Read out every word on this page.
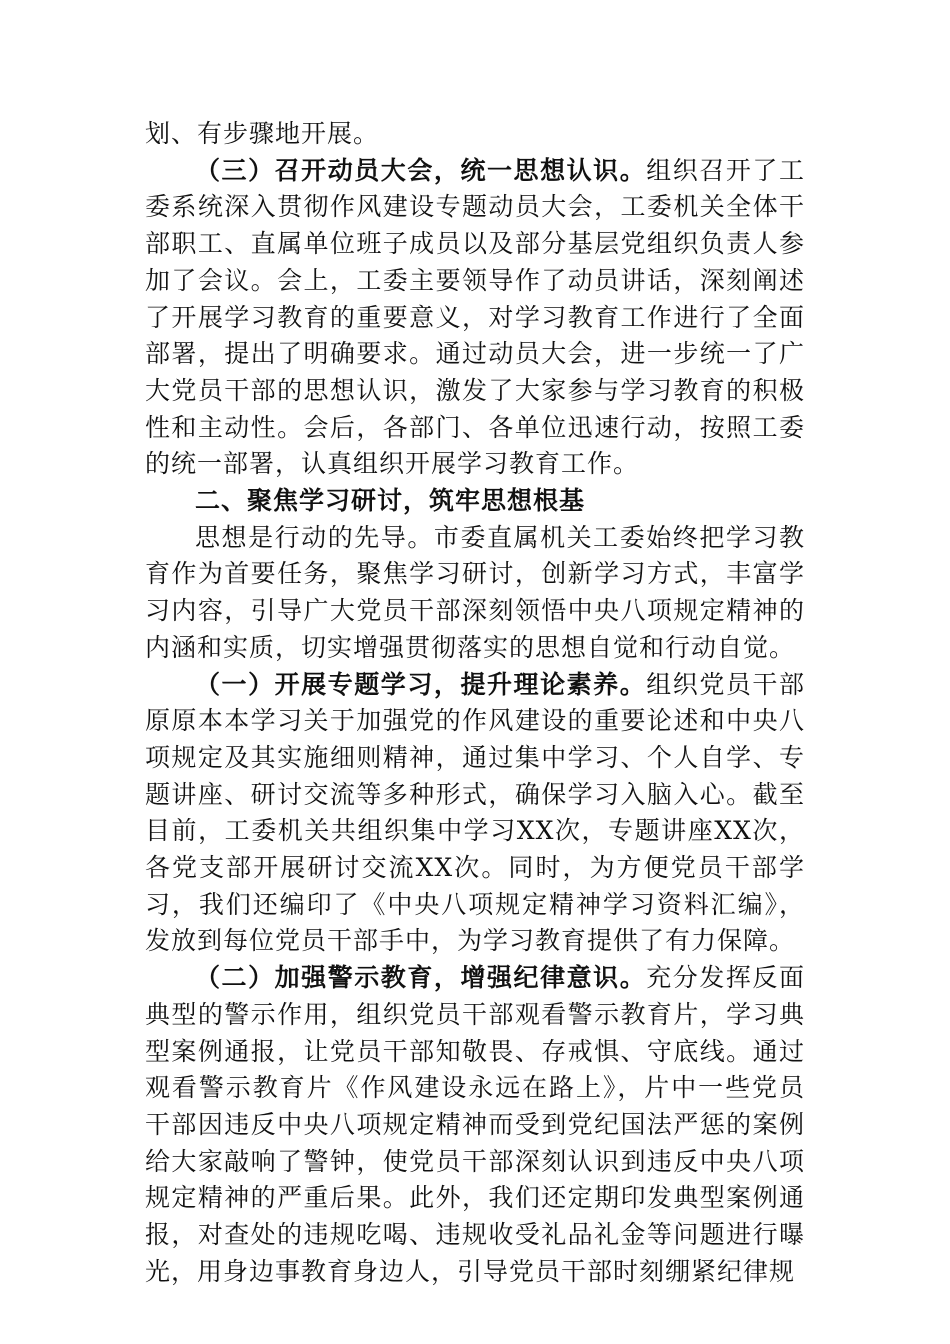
划、有步骤地开展。

（三）召开动员大会，统一思想认识。组织召开了工委系统深入贯彻作风建设专题动员大会，工委机关全体干部职工、直属单位班子成员以及部分基层党组织负责人参加了会议。会上，工委主要领导作了动员讲话，深刻阐述了开展学习教育的重要意义，对学习教育工作进行了全面部署，提出了明确要求。通过动员大会，进一步统一了广大党员干部的思想认识，激发了大家参与学习教育的积极性和主动性。会后，各部门、各单位迅速行动，按照工委的统一部署，认真组织开展学习教育工作。

二、聚焦学习研讨，筑牢思想根基

思想是行动的先导。市委直属机关工委始终把学习教育作为首要任务，聚焦学习研讨，创新学习方式，丰富学习内容，引导广大党员干部深刻领悟中央八项规定精神的内涵和实质，切实增强贯彻落实的思想自觉和行动自觉。

（一）开展专题学习，提升理论素养。组织党员干部原原本本学习关于加强党的作风建设的重要论述和中央八项规定及其实施细则精神，通过集中学习、个人自学、专题讲座、研讨交流等多种形式，确保学习入脑入心。截至目前，工委机关共组织集中学习XX次，专题讲座XX次，各党支部开展研讨交流XX次。同时，为方便党员干部学习，我们还编印了《中央八项规定精神学习资料汇编》，发放到每位党员干部手中，为学习教育提供了有力保障。

（二）加强警示教育，增强纪律意识。充分发挥反面典型的警示作用，组织党员干部观看警示教育片，学习典型案例通报，让党员干部知敬畏、存戒惧、守底线。通过观看警示教育片《作风建设永远在路上》，片中一些党员干部因违反中央八项规定精神而受到党纪国法严惩的案例给大家敲响了警钟，使党员干部深刻认识到违反中央八项规定精神的严重后果。此外，我们还定期印发典型案例通报，对查处的违规吃喝、违规收受礼品礼金等问题进行曝光，用身边事教育身边人，引导党员干部时刻绷紧纪律规
